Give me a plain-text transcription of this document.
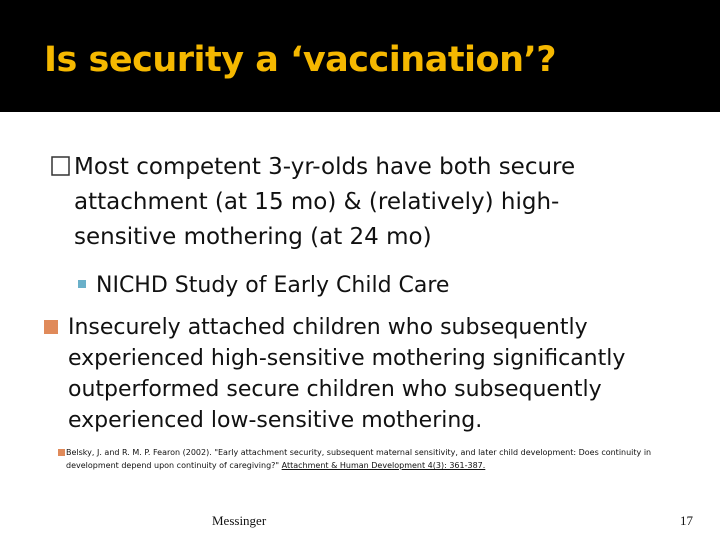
Is security a ‘vaccination’?
Most competent 3-yr-olds have both secure
attachment (at 15 mo) & (relatively) high-
sensitive mothering (at 24 mo)
NICHD Study of Early Child Care
Insecurely attached children who subsequently experienced high-sensitive mothering significantly outperformed secure children who subsequently experienced low-sensitive mothering.
Belsky, J. and R. M. P. Fearon (2002). "Early attachment security, subsequent maternal sensitivity, and later child development: Does continuity in development depend upon continuity of caregiving?" Attachment & Human Development 4(3): 361-387.
Messinger	17
